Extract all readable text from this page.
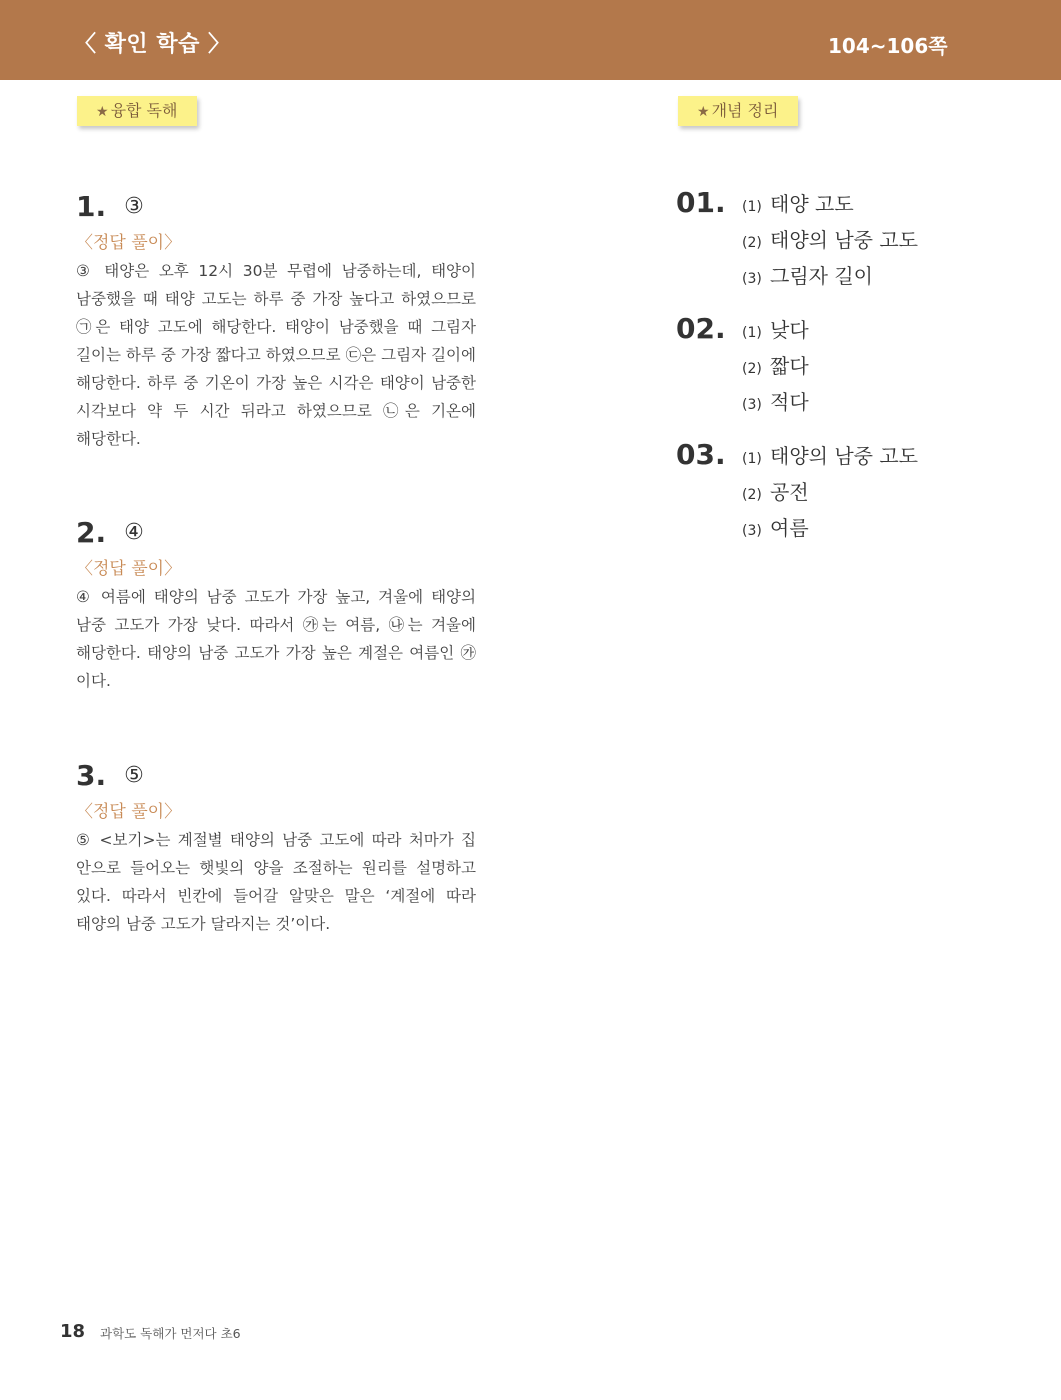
〈 확인 학습 〉	104~106쪽
★ 융합 독해	★ 개념 정리
1. ③
〈정답 풀이〉
③ 태양은 오후 12시 30분 무렵에 남중하는데, 태양이 남중했을 때 태양 고도는 하루 중 가장 높다고 하였으므로 ㉠은 태양 고도에 해당한다. 태양이 남중했을 때 그림자 길이는 하루 중 가장 짧다고 하였으므로 ㉢은 그림자 길이에 해당한다. 하루 중 기온이 가장 높은 시각은 태양이 남중한 시각보다 약 두 시간 뒤라고 하였으므로 ㉡은 기온에 해당한다.
2. ④
〈정답 풀이〉
④ 여름에 태양의 남중 고도가 가장 높고, 겨울에 태양의 남중 고도가 가장 낮다. 따라서 ㉮는 여름, ㉯는 겨울에 해당한다. 태양의 남중 고도가 가장 높은 계절은 여름인 ㉮이다.
3. ⑤
〈정답 풀이〉
⑤ <보기>는 계절별 태양의 남중 고도에 따라 처마가 집 안으로 들어오는 햇빛의 양을 조절하는 원리를 설명하고 있다. 따라서 빈칸에 들어갈 알맞은 말은 ‘계절에 따라 태양의 남중 고도가 달라지는 것’이다.
01. (1) 태양 고도
(2) 태양의 남중 고도
(3) 그림자 길이
02. (1) 낮다
(2) 짧다
(3) 적다
03. (1) 태양의 남중 고도
(2) 공전
(3) 여름
18 과학도 독해가 먼저다 초6
